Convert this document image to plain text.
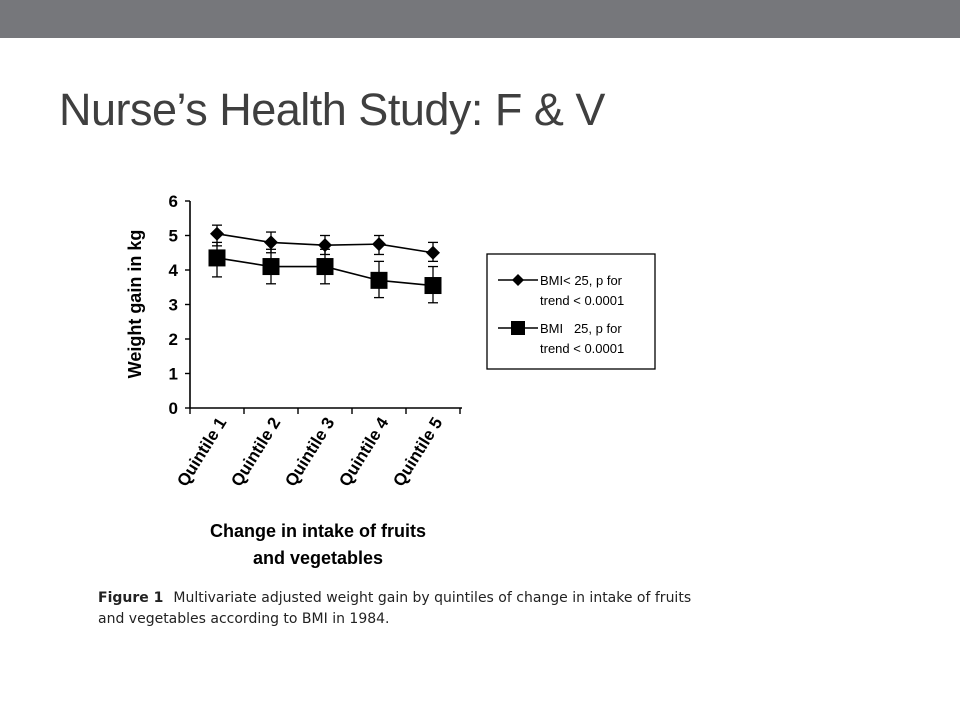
Nurse’s Health Study: F & V
0
1
2
3
4
5
6
BMI< 25, p for
trend < 0.0001
BMI   25, p for
trend < 0.0001
Quintile 1
Quintile 2
Quintile 3
Quintile 4
Quintile 5
Weight gain in kg
Change in intake of fruits
and vegetables
Figure 1 Multivariate adjusted weight gain by quintiles of change in intake of fruits and vegetables according to BMI in 1984.
